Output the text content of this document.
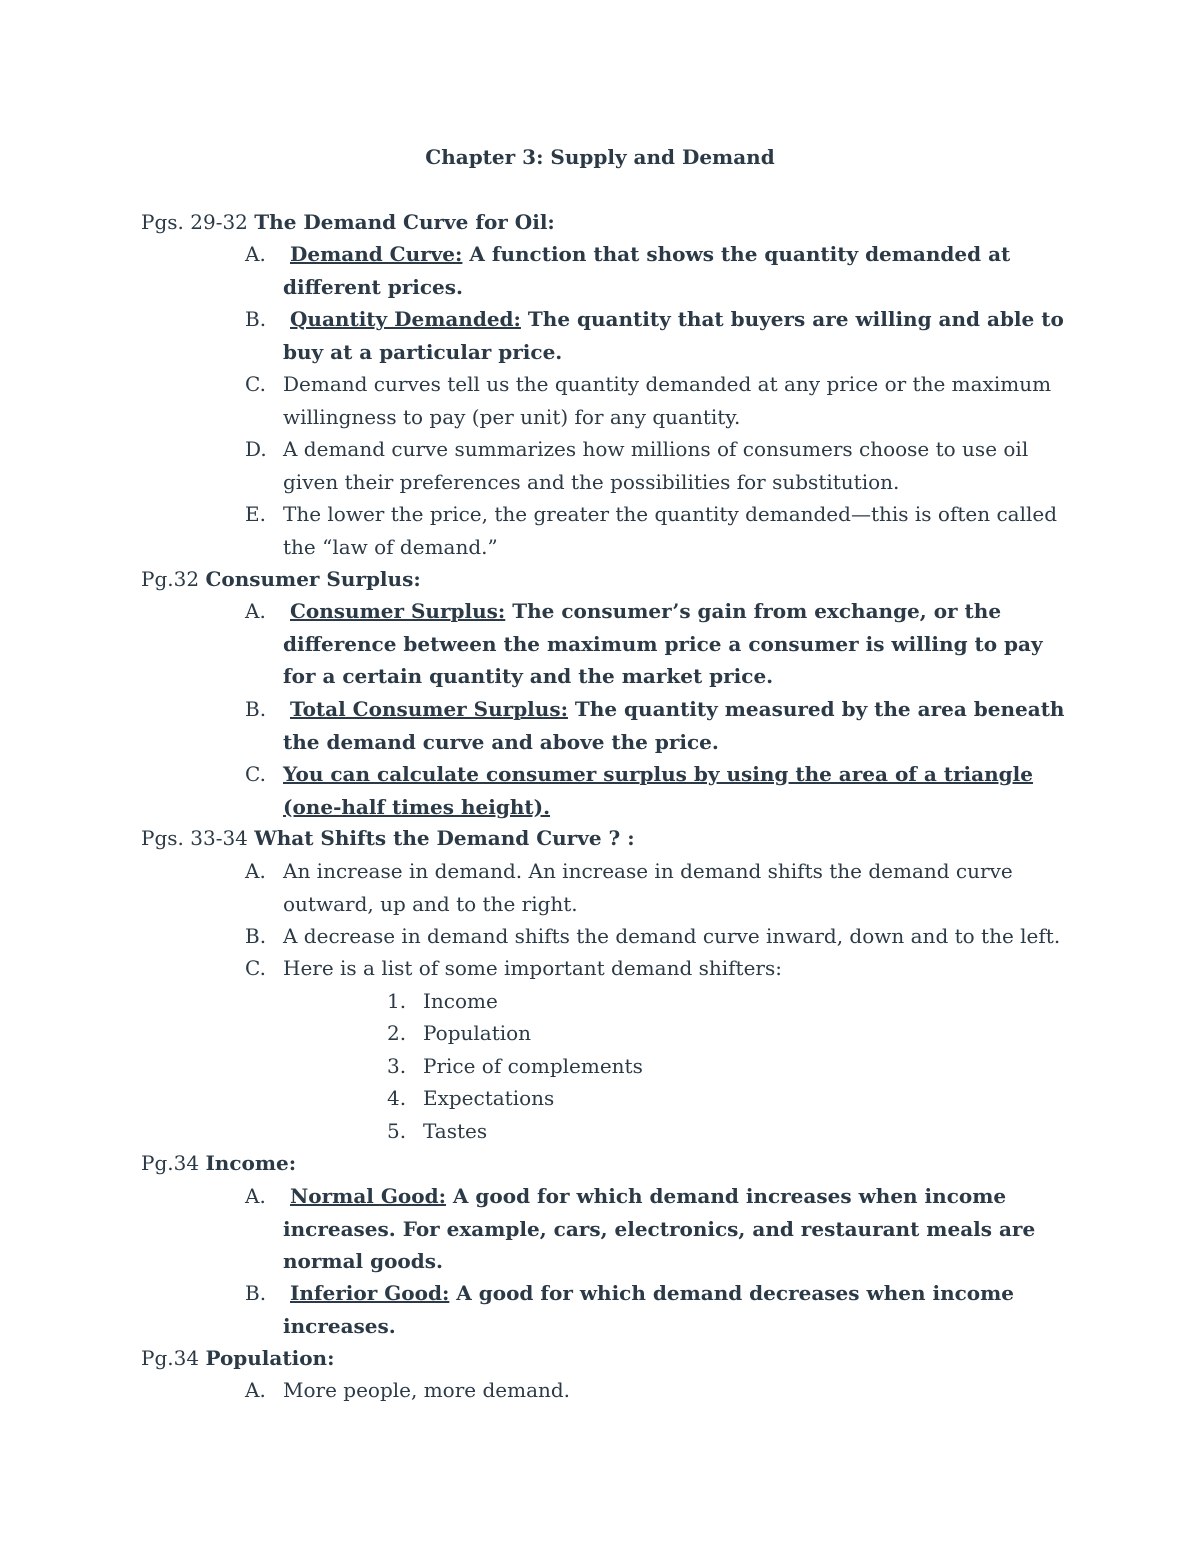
Chapter 3: Supply and Demand
Pgs. 29-32 The Demand Curve for Oil:
A.	Demand Curve: A function that shows the quantity demanded at different prices.
B.	Quantity Demanded: The quantity that buyers are willing and able to buy at a particular price.
C. Demand curves tell us the quantity demanded at any price or the maximum willingness to pay (per unit) for any quantity.
D. A demand curve summarizes how millions of consumers choose to use oil given their preferences and the possibilities for substitution.
E. The lower the price, the greater the quantity demanded—this is often called the “law of demand.”
Pg.32 Consumer Surplus:
A.	Consumer Surplus: The consumer’s gain from exchange, or the difference between the maximum price a consumer is willing to pay for a certain quantity and the market price.
B.	Total Consumer Surplus: The quantity measured by the area beneath the demand curve and above the price.
C. You can calculate consumer surplus by using the area of a triangle (one-half times height).
Pgs. 33-34 What Shifts the Demand Curve ? :
A. An increase in demand. An increase in demand shifts the demand curve outward, up and to the right.
B. A decrease in demand shifts the demand curve inward, down and to the left.
C. Here is a list of some important demand shifters:
1. Income
2. Population
3. Price of complements
4. Expectations
5. Tastes
Pg.34 Income:
A.	Normal Good: A good for which demand increases when income increases. For example, cars, electronics, and restaurant meals are normal goods.
B.	Inferior Good: A good for which demand decreases when income increases.
Pg.34 Population:
A. More people, more demand.
